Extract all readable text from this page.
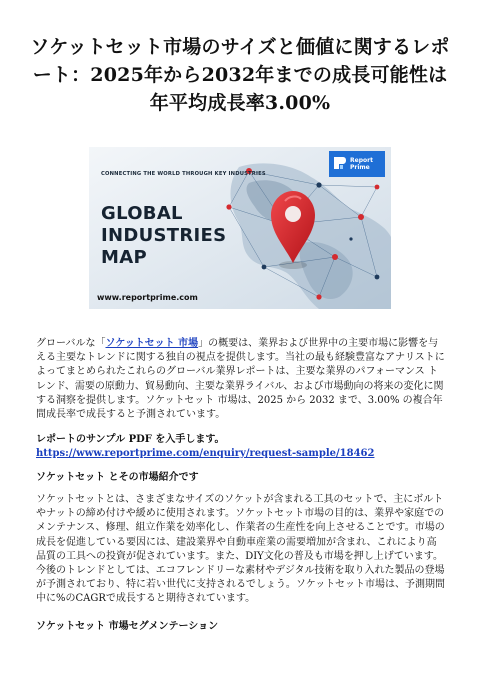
ソケットセット市場のサイズと価値に関するレポート：2025年から2032年までの成長可能性は年平均成長率3.00%
CONNECTING THE WORLD THROUGH KEY INDUSTRIES
GLOBAL INDUSTRIES MAP
www.reportprime.com
Report
Prime
グローバルな「ソケットセット 市場」の概要は、業界および世界中の主要市場に影響を与える主要なトレンドに関する独自の視点を提供します。当社の最も経験豊富なアナリストによってまとめられたこれらのグローバル業界レポートは、主要な業界のパフォーマンス トレンド、需要の原動力、貿易動向、主要な業界ライバル、および市場動向の将来の変化に関する洞察を提供します。ソケットセット 市場は、2025 から 2032 まで、3.00% の複合年間成長率で成長すると予測されています。
レポートのサンプル PDF を入手します。https://www.reportprime.com/enquiry/request-sample/18462
ソケットセット とその市場紹介です
ソケットセットとは、さまざまなサイズのソケットが含まれる工具のセットで、主にボルトやナットの締め付けや緩めに使用されます。ソケットセット市場の目的は、業界や家庭でのメンテナンス、修理、組立作業を効率化し、作業者の生産性を向上させることです。市場の成長を促進している要因には、建設業界や自動車産業の需要増加が含まれ、これにより高品質の工具への投資が促されています。また、DIY文化の普及も市場を押し上げています。今後のトレンドとしては、エコフレンドリーな素材やデジタル技術を取り入れた製品の登場が予測されており、特に若い世代に支持されるでしょう。ソケットセット市場は、予測期間中に%のCAGRで成長すると期待されています。
ソケットセット 市場セグメンテーション
